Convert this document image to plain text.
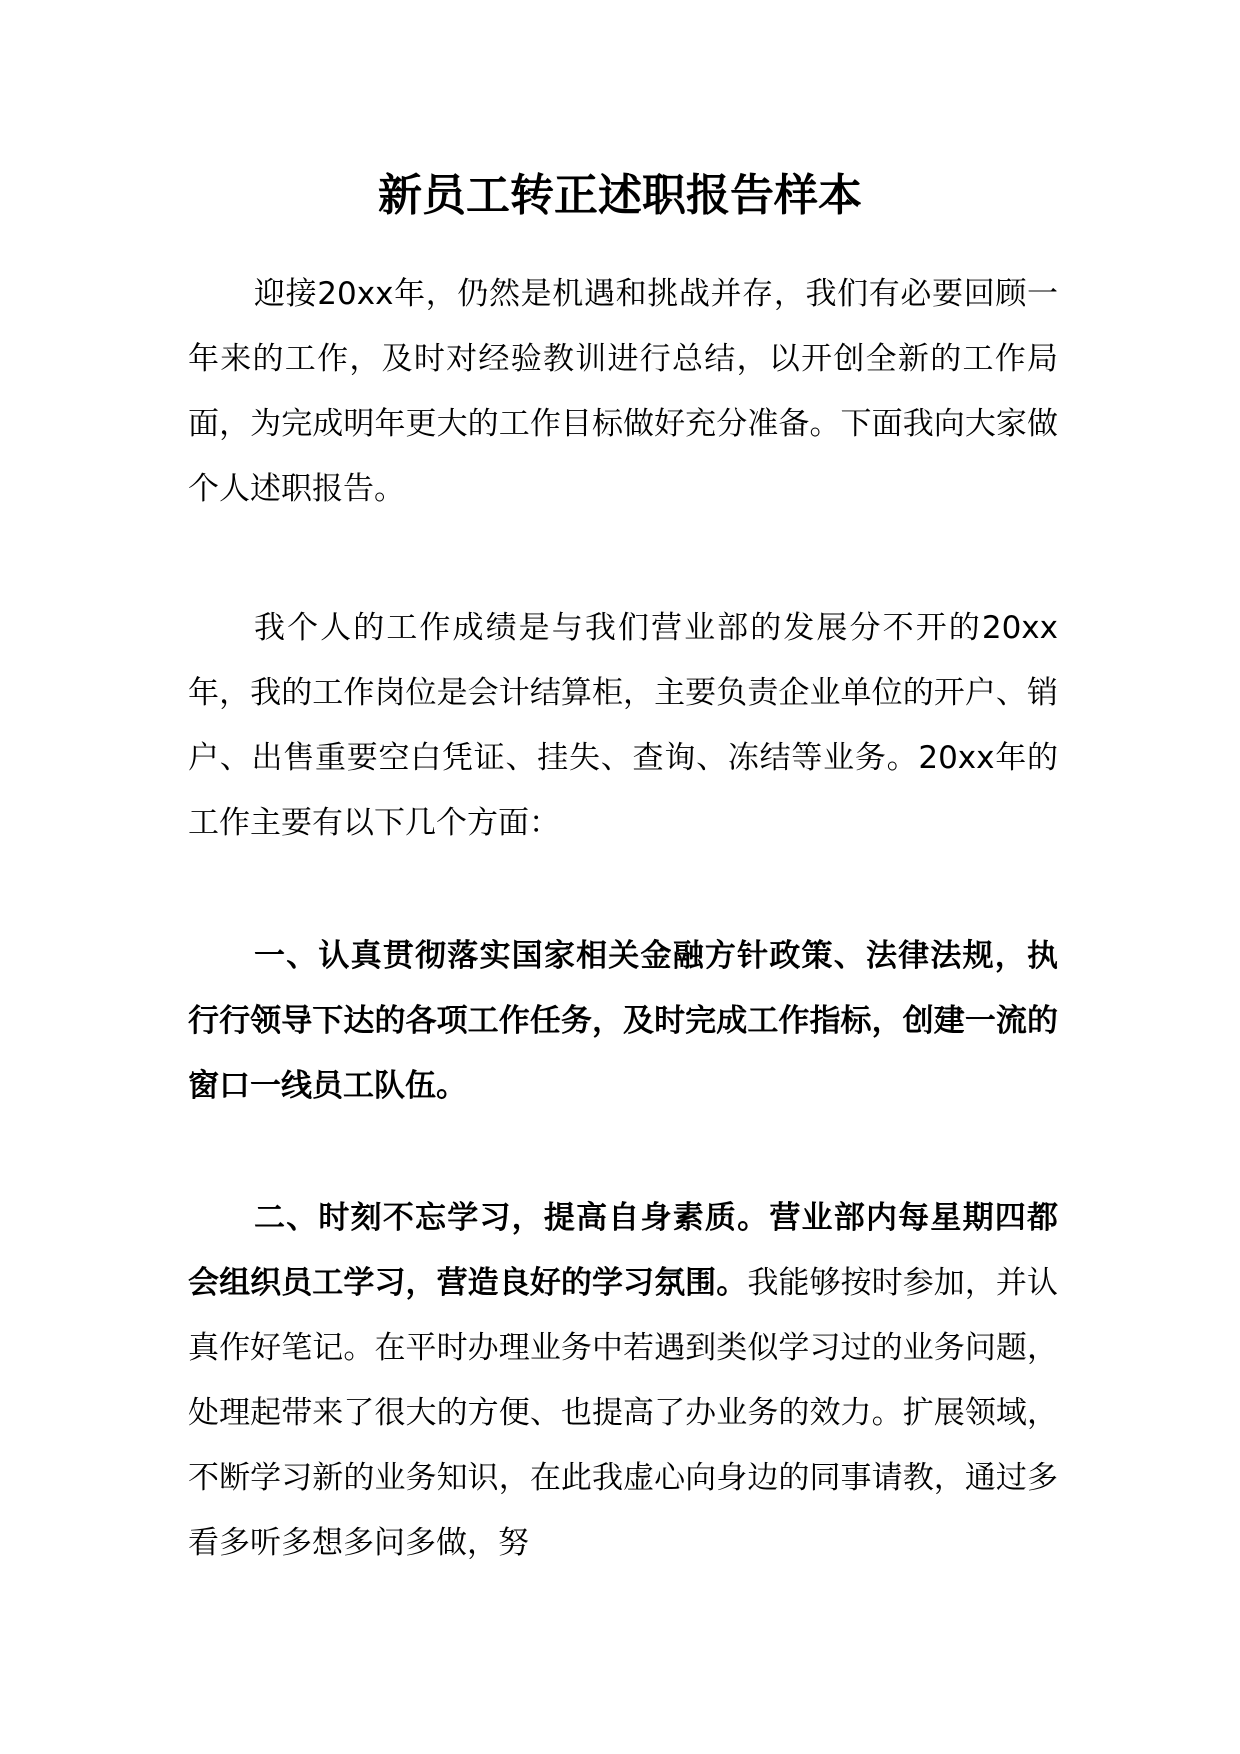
新员工转正述职报告样本

迎接20xx年，仍然是机遇和挑战并存，我们有必要回顾一年来的工作，及时对经验教训进行总结，以开创全新的工作局面，为完成明年更大的工作目标做好充分准备。下面我向大家做个人述职报告。

我个人的工作成绩是与我们营业部的发展分不开的20xx年，我的工作岗位是会计结算柜，主要负责企业单位的开户、销户、出售重要空白凭证、挂失、查询、冻结等业务。20xx年的工作主要有以下几个方面：

一、认真贯彻落实国家相关金融方针政策、法律法规，执行行领导下达的各项工作任务，及时完成工作指标，创建一流的窗口一线员工队伍。

二、时刻不忘学习，提高自身素质。营业部内每星期四都会组织员工学习，营造良好的学习氛围。我能够按时参加，并认真作好笔记。在平时办理业务中若遇到类似学习过的业务问题，处理起带来了很大的方便、也提高了办业务的效力。扩展领域，不断学习新的业务知识，在此我虚心向身边的同事请教，通过多看多听多想多问多做，努
